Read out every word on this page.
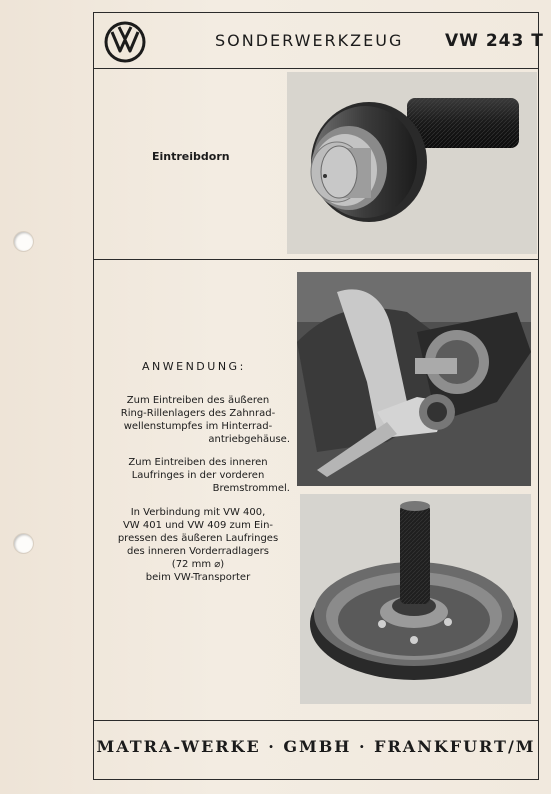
SONDERWERKZEUG VW 243 T
Eintreibdorn
ANWENDUNG:
Zum Eintreiben des äußeren
Ring-Rillenlagers des Zahnrad-
wellenstumpfes im Hinterrad-
antriebgehäuse.
Zum Eintreiben des inneren
Laufringes in der vorderen
Bremstrommel.
In Verbindung mit VW 400,
VW 401 und VW 409 zum Ein-
pressen des äußeren Laufringes
des inneren Vorderradlagers
(72 mm ⌀)
beim VW-Transporter
MATRA-WERKE · GMBH · FRANKFURT/M
